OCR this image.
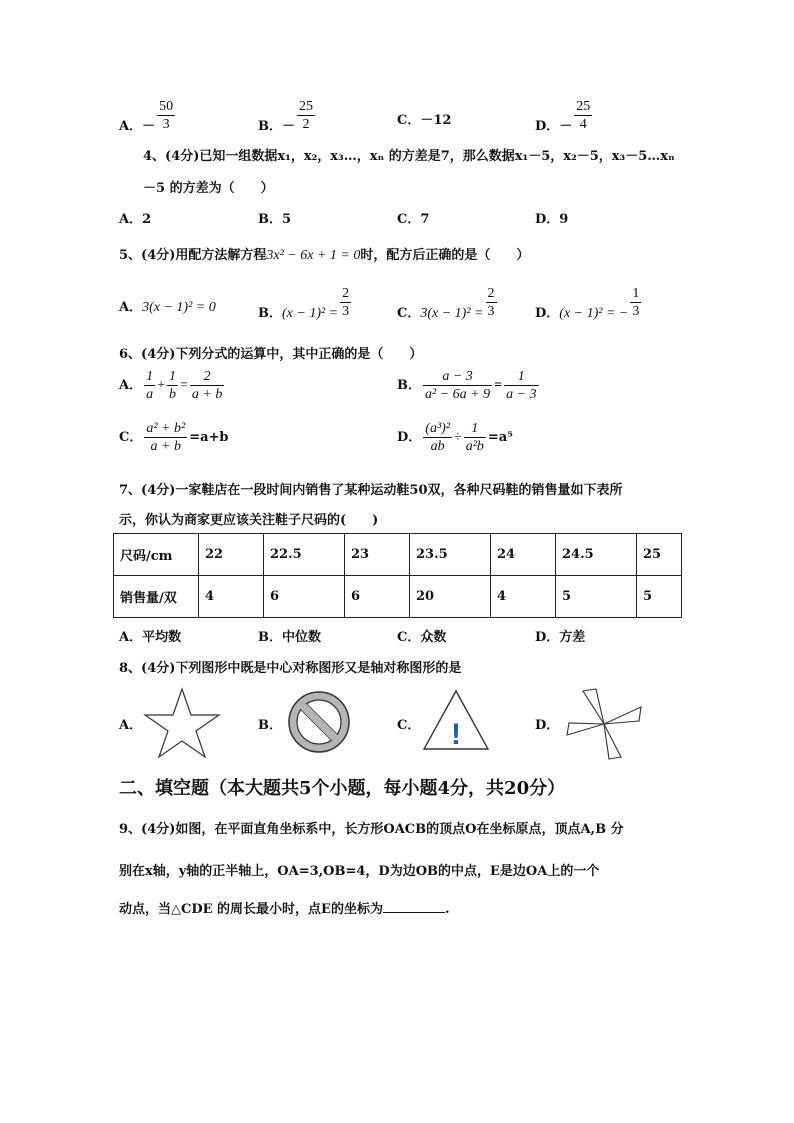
A．－ $\frac{50}{3}$	B．－ $\frac{25}{2}$	C．－12	D．－ $\frac{25}{4}$
4、(4分)已知一组数据x₁，x₂，x₃…，xₙ 的方差是7，那么数据x₁－5，x₂－5，x₃－5…xₙ
－5 的方差为（　　）
A．2	B．5	C．7	D．9
5、(4分)用配方法解方程3x² − 6x + 1 = 0时，配方后正确的是（　　）
A．3(x − 1)² = 0	B．$(x - 1)^2 = \frac{2}{3}$	C．$3(x - 1)^2 = \frac{2}{3}$	D．(x − 1)² = − $\frac{1}{3}$
6、(4分)下列分式的运算中，其中正确的是（　　）
A． $\frac{1}{a} + \frac{1}{b} = \frac{2}{a + b}$	B． $\frac{a - 3}{\text{a² − 6a + 9}} = \frac{1}{a - 3}$
C． $\frac{\text{a² + b²}}{a + b} =a+b$	D． $\frac{\text{(a³)²}}{ab} \div \frac{1}{\text{a²b}} =a^5$
7、(4分)一家鞋店在一段时间内销售了某种运动鞋50双，各种尺码鞋的销售量如下表所
示，你认为商家更应该关注鞋子尺码的(　　)
尺码/cm	22	22.5	23	23.5	24	24.5	25
销售量/双	4	6	6	20	4	5	5
A．平均数	B．中位数	C．众数	D．方差
8、(4分)下列图形中既是中心对称图形又是轴对称图形的是
A．	B．	C． !	D．
二、填空题（本大题共5个小题，每小题4分，共20分）
9、(4分)如图，在平面直角坐标系中，长方形OACB的顶点O在坐标原点，顶点A,B 分
别在x轴，y轴的正半轴上，OA=3,OB=4，D为边OB的中点，E是边OA上的一个
动点，当△CDE 的周长最小时，点E的坐标为	.
